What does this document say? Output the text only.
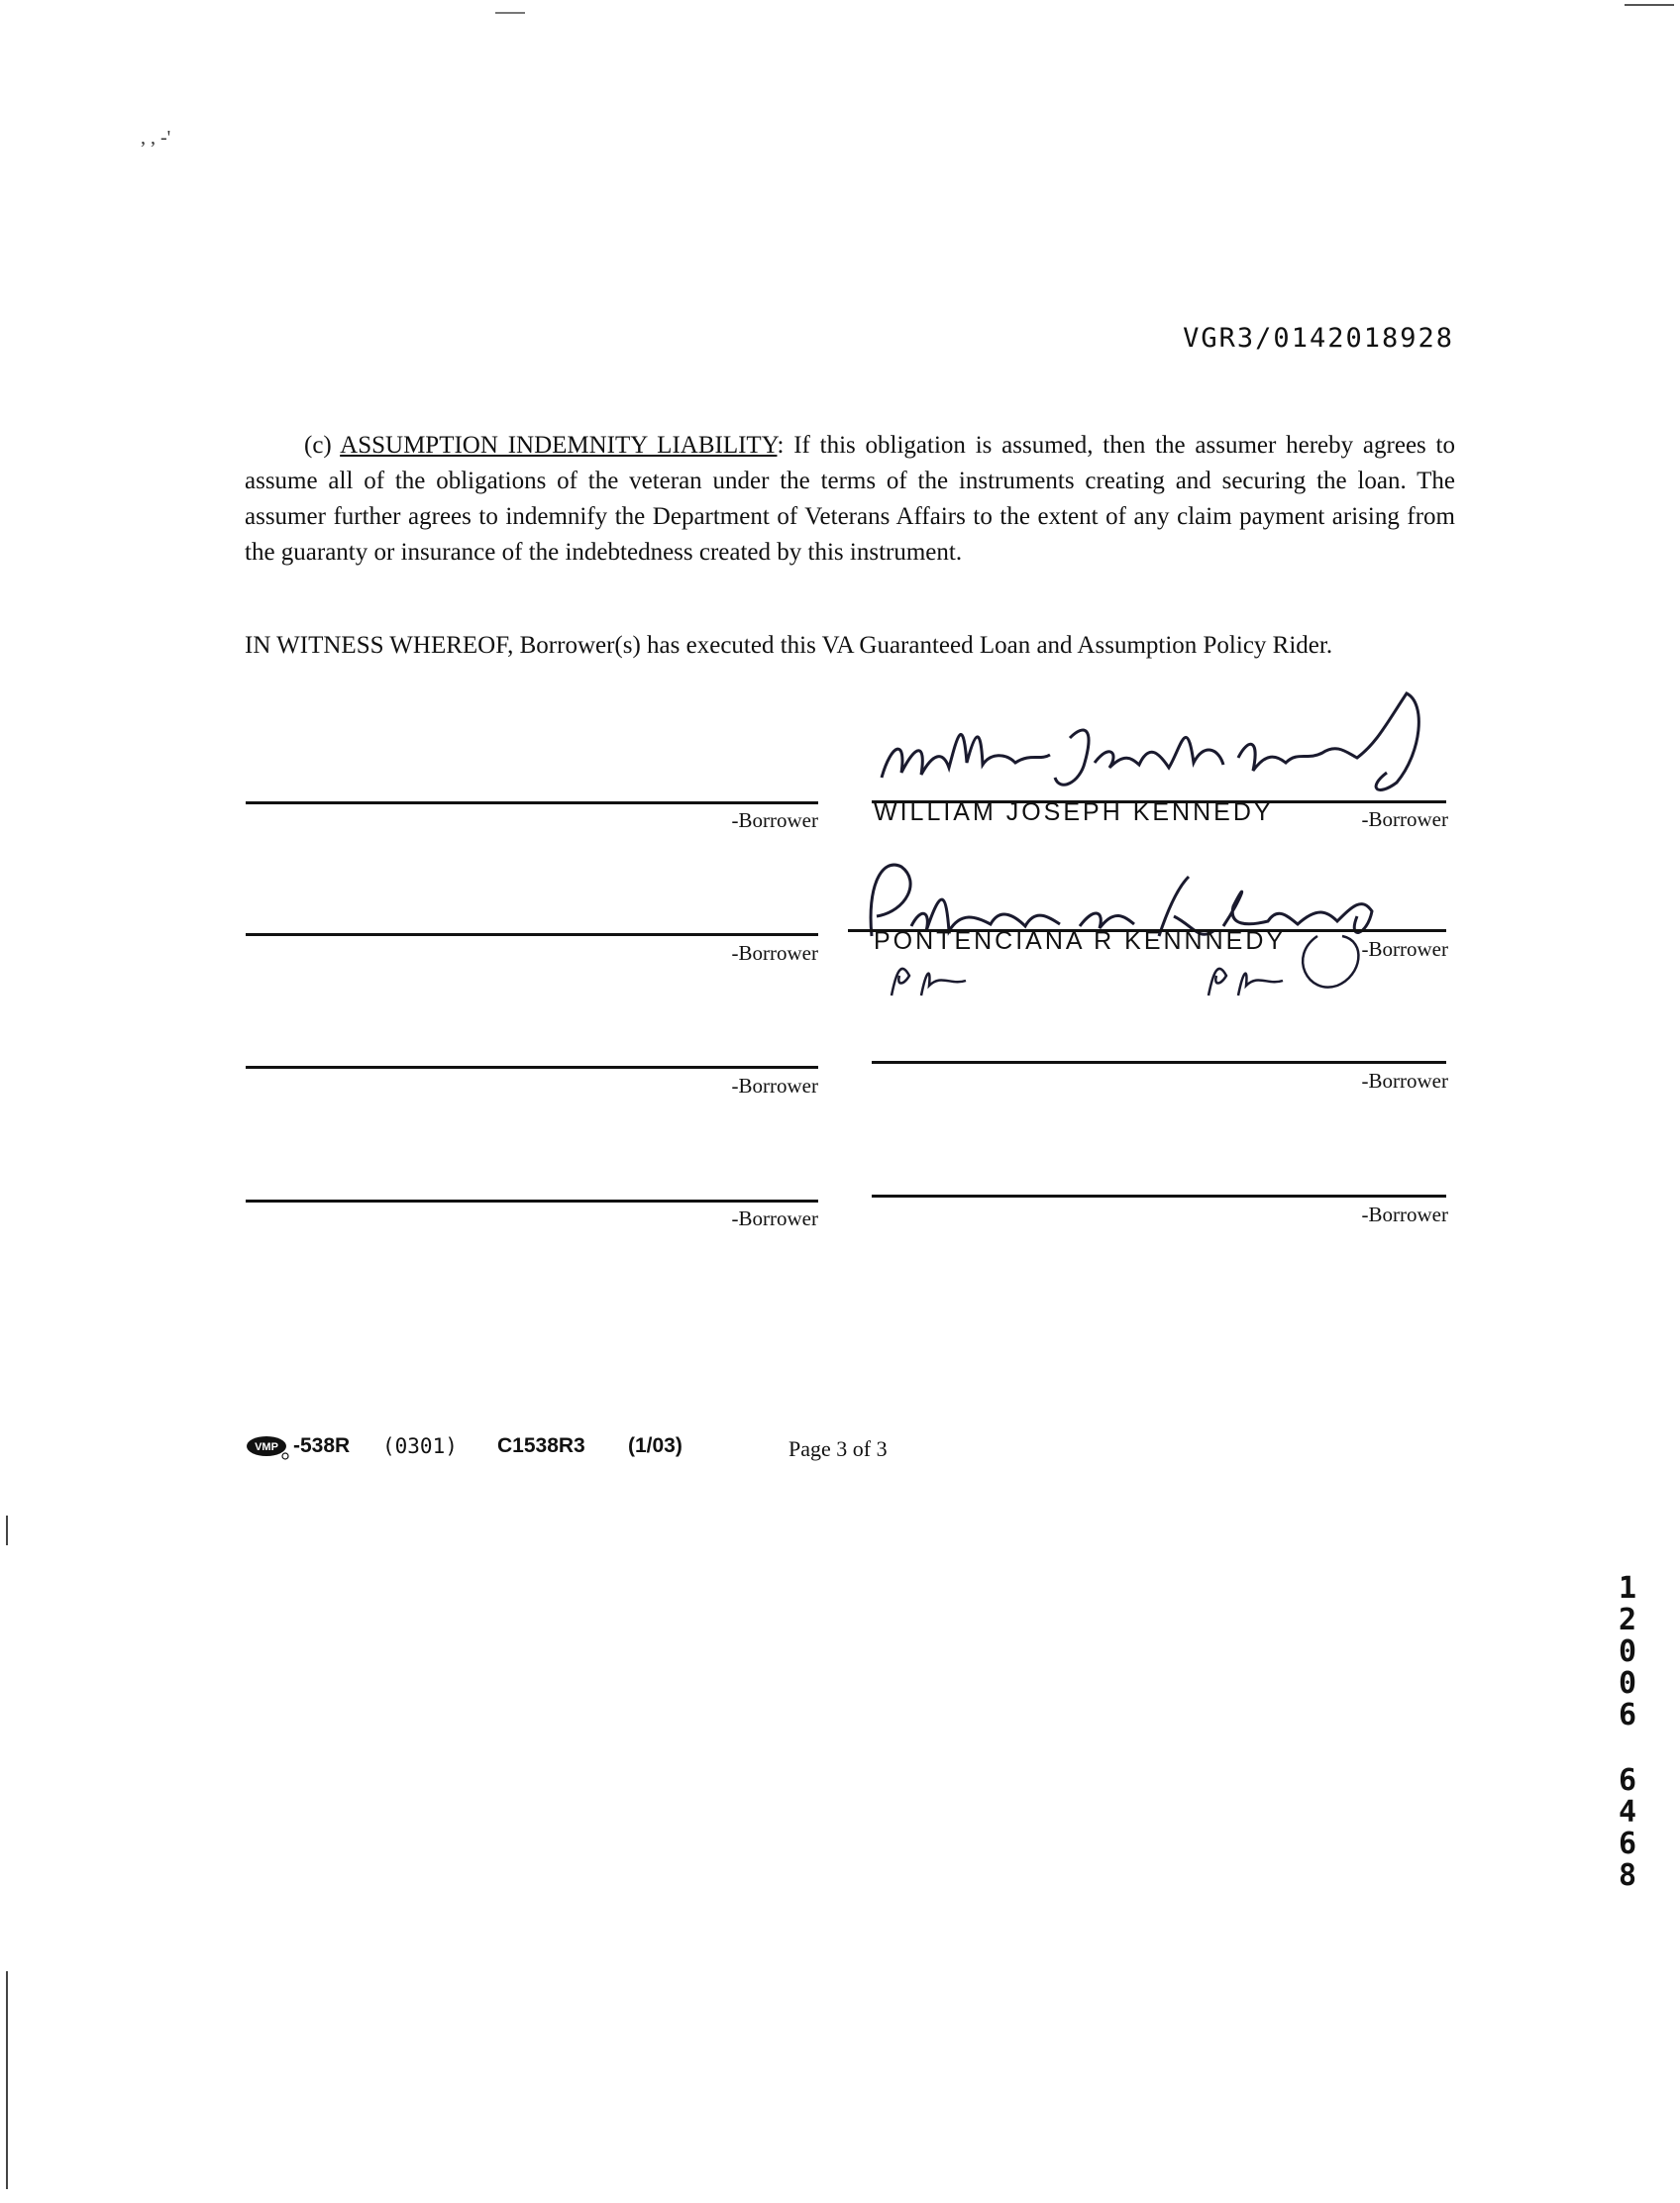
, , -'
VGR3/0142018928
(c) ASSUMPTION INDEMNITY LIABILITY: If this obligation is assumed, then the assumer hereby agrees to assume all of the obligations of the veteran under the terms of the instruments creating and securing the loan. The assumer further agrees to indemnify the Department of Veterans Affairs to the extent of any claim payment arising from the guaranty or insurance of the indebtedness created by this instrument.
IN WITNESS WHEREOF, Borrower(s) has executed this VA Guaranteed Loan and Assumption Policy Rider.
-Borrower
-Borrower
-Borrower
-Borrower
WILLIAM JOSEPH KENNEDY	-Borrower
PONTENCIANA R KENNNEDY	-Borrower
-Borrower
-Borrower
VMP -538R (0301) C1538R3 (1/03)	Page 3 of 3
1
2
0
0
6
6
4
6
8
